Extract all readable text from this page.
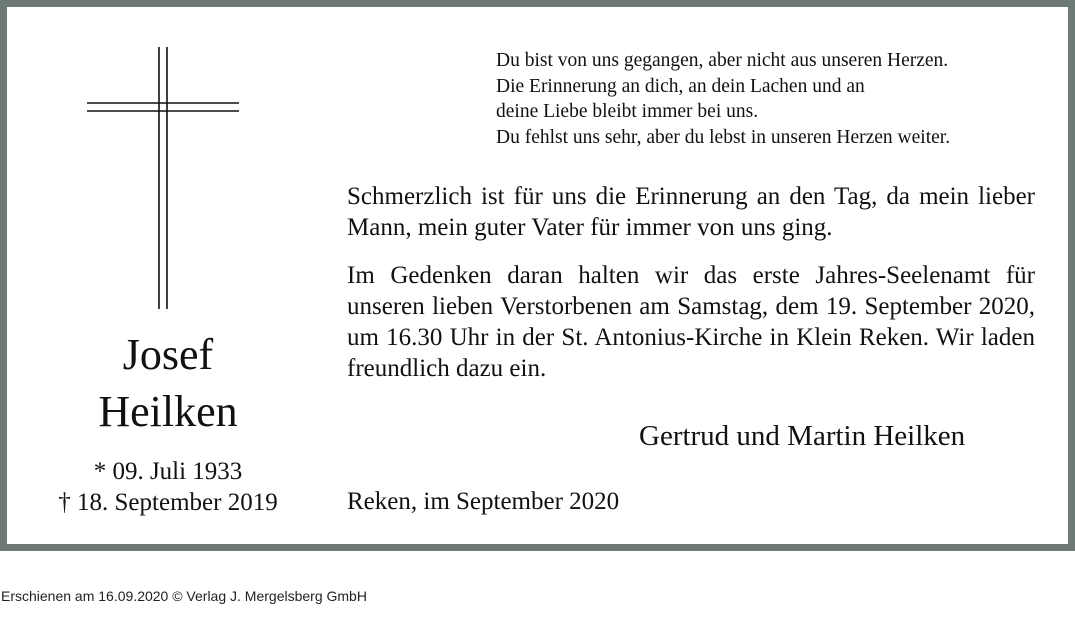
Josef
Heilken
* 09. Juli 1933
† 18. September 2019
Du bist von uns gegangen, aber nicht aus unseren Herzen.
Die Erinnerung an dich, an dein Lachen und an
deine Liebe bleibt immer bei uns.
Du fehlst uns sehr, aber du lebst in unseren Herzen weiter.
Schmerzlich ist für uns die Erinnerung an den Tag, da mein lieber Mann, mein guter Vater für immer von uns ging.
Im Gedenken daran halten wir das erste Jahres-Seelenamt für unseren lieben Verstorbenen am Samstag, dem 19. September 2020, um 16.30 Uhr in der St. Antonius-Kirche in Klein Reken. Wir laden freundlich dazu ein.
Gertrud und Martin Heilken
Reken, im September 2020
Erschienen am 16.09.2020 © Verlag J. Mergelsberg GmbH
